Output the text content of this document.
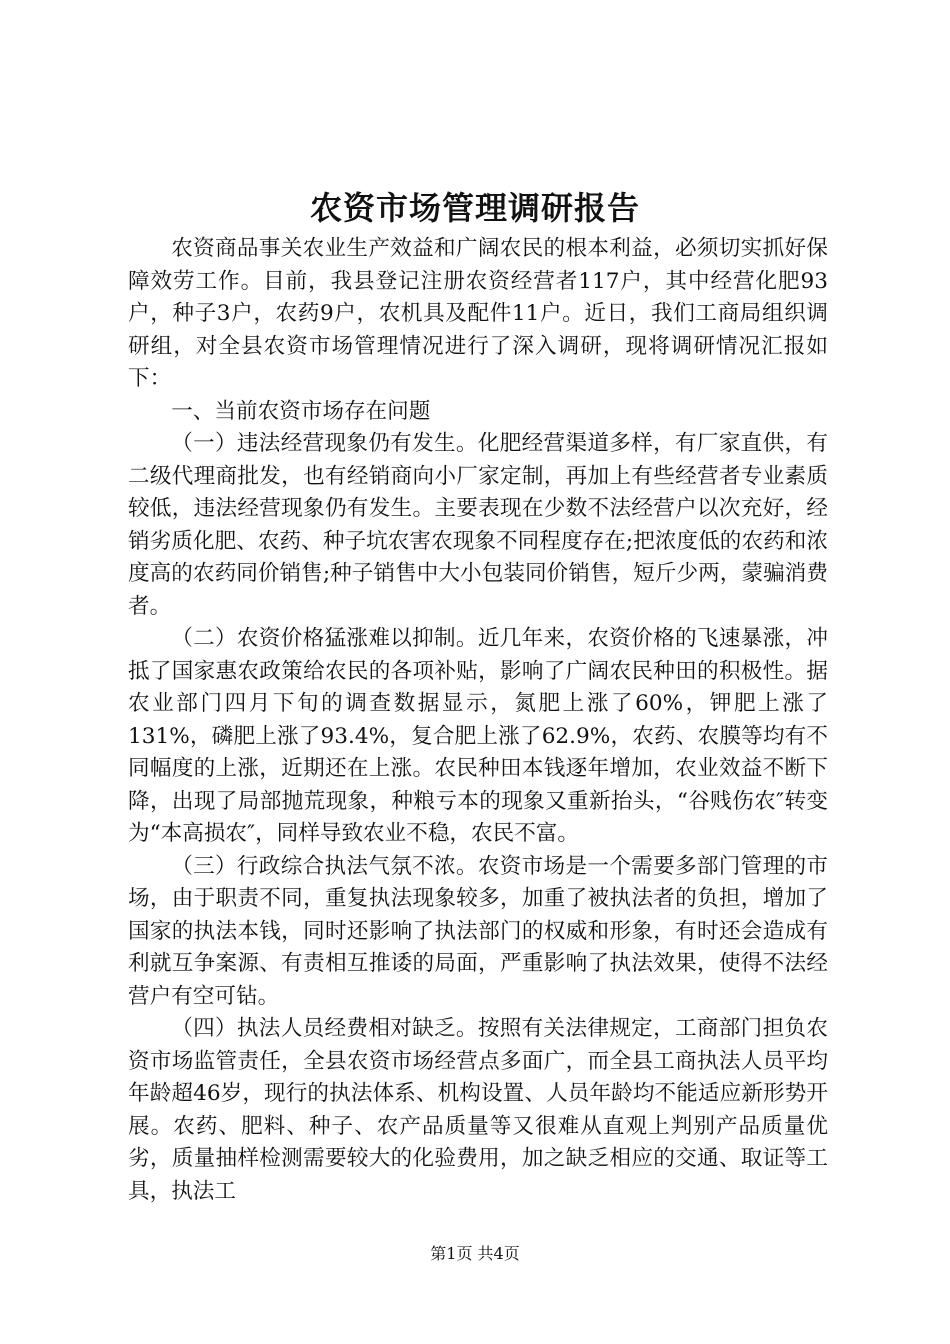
农资市场管理调研报告

农资商品事关农业生产效益和广阔农民的根本利益，必须切实抓好保障效劳工作。目前，我县登记注册农资经营者117户，其中经营化肥93户，种子3户，农药9户，农机具及配件11户。近日，我们工商局组织调研组，对全县农资市场管理情况进行了深入调研，现将调研情况汇报如下：

一、当前农资市场存在问题

（一）违法经营现象仍有发生。化肥经营渠道多样，有厂家直供，有二级代理商批发，也有经销商向小厂家定制，再加上有些经营者专业素质较低，违法经营现象仍有发生。主要表现在少数不法经营户以次充好，经销劣质化肥、农药、种子坑农害农现象不同程度存在;把浓度低的农药和浓度高的农药同价销售;种子销售中大小包装同价销售，短斤少两，蒙骗消费者。

（二）农资价格猛涨难以抑制。近几年来，农资价格的飞速暴涨，冲抵了国家惠农政策给农民的各项补贴，影响了广阔农民种田的积极性。据农业部门四月下旬的调查数据显示，氮肥上涨了60%，钾肥上涨了131%，磷肥上涨了93.4%，复合肥上涨了62.9%，农药、农膜等均有不同幅度的上涨，近期还在上涨。农民种田本钱逐年增加，农业效益不断下降，出现了局部抛荒现象，种粮亏本的现象又重新抬头，“谷贱伤农″转变为“本高损农″，同样导致农业不稳，农民不富。

（三）行政综合执法气氛不浓。农资市场是一个需要多部门管理的市场，由于职责不同，重复执法现象较多，加重了被执法者的负担，增加了国家的执法本钱，同时还影响了执法部门的权威和形象，有时还会造成有利就互争案源、有责相互推诿的局面，严重影响了执法效果，使得不法经营户有空可钻。

（四）执法人员经费相对缺乏。按照有关法律规定，工商部门担负农资市场监管责任，全县农资市场经营点多面广，而全县工商执法人员平均年龄超46岁，现行的执法体系、机构设置、人员年龄均不能适应新形势开展。农药、肥料、种子、农产品质量等又很难从直观上判别产品质量优劣，质量抽样检测需要较大的化验费用，加之缺乏相应的交通、取证等工具，执法工

第1页 共4页
